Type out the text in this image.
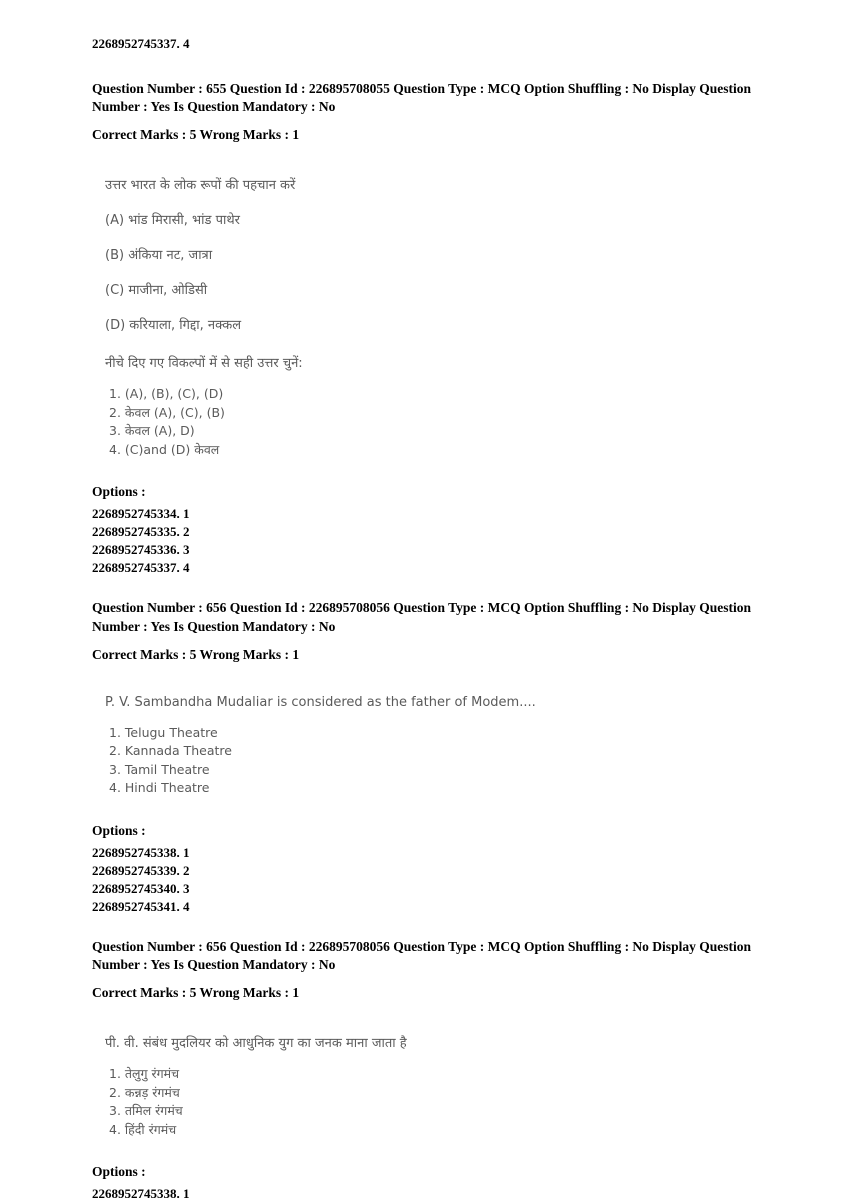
2268952745337. 4
Question Number : 655 Question Id : 226895708055 Question Type : MCQ Option Shuffling : No Display Question Number : Yes Is Question Mandatory : No
Correct Marks : 5 Wrong Marks : 1
उत्तर भारत के लोक रूपों की पहचान करें
(A) भांड मिरासी, भांड पाथेर
(B) अंकिया नट, जात्रा
(C) माजीना, ओडिसी
(D) करियाला, गिद्दा, नक्कल
नीचे दिए गए विकल्पों में से सही उत्तर चुनें:
1. (A), (B), (C), (D)
2. केवल (A), (C), (B)
3. केवल (A), D)
4. (C)and (D) केवल
Options :
2268952745334. 1
2268952745335. 2
2268952745336. 3
2268952745337. 4
Question Number : 656 Question Id : 226895708056 Question Type : MCQ Option Shuffling : No Display Question Number : Yes Is Question Mandatory : No
Correct Marks : 5 Wrong Marks : 1
P. V. Sambandha Mudaliar is considered as the father of Modem....
1. Telugu Theatre
2. Kannada Theatre
3. Tamil Theatre
4. Hindi Theatre
Options :
2268952745338. 1
2268952745339. 2
2268952745340. 3
2268952745341. 4
Question Number : 656 Question Id : 226895708056 Question Type : MCQ Option Shuffling : No Display Question Number : Yes Is Question Mandatory : No
Correct Marks : 5 Wrong Marks : 1
पी. वी. संबंध मुदलियर को आधुनिक युग का जनक माना जाता है
1. तेलुगु रंगमंच
2. कन्नड़ रंगमंच
3. तमिल रंगमंच
4. हिंदी रंगमंच
Options :
2268952745338. 1
